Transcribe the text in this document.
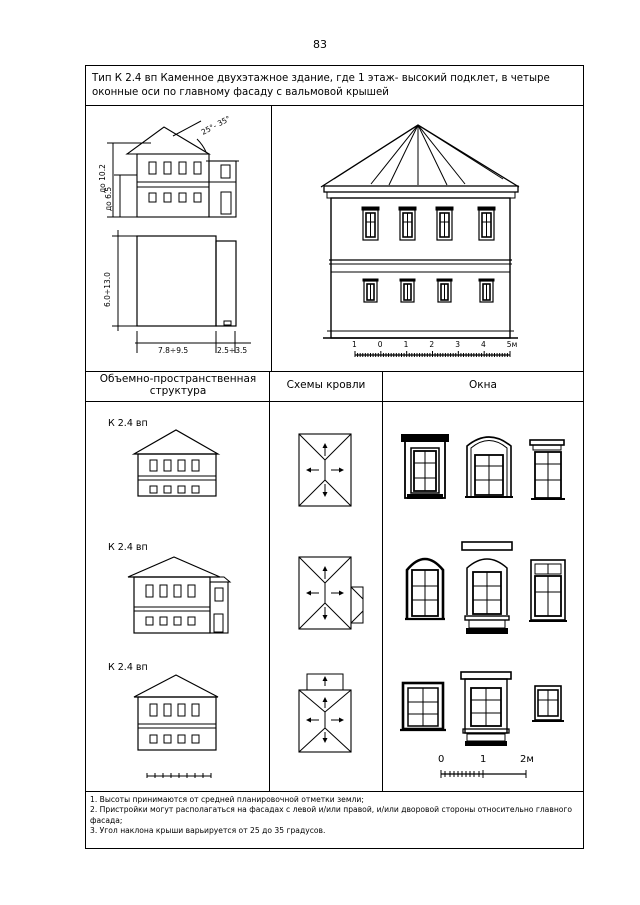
83
Тип К 2.4 вп Каменное двухэтажное здание, где 1 этаж- высокий подклет, в четыре оконные оси по главному фасаду с вальмовой крышей
до 10.2
до 6.5
6.0÷13.0
7.8÷9.5	2.5÷3.5
25°- 35°
1	0	1	2	3	4	5м
Объемно-пространственная структура	Схемы кровли	Окна
К 2.4 вп
К 2.4 вп
К 2.4 вп
0	1	2м
1. Высоты принимаются от средней планировочной отметки земли;
2. Пристройки могут располагаться на фасадах с левой и/или правой, и/или дворовой стороны относительно главного фасада;
3. Угол наклона крыши варьируется от 25 до 35 градусов.
